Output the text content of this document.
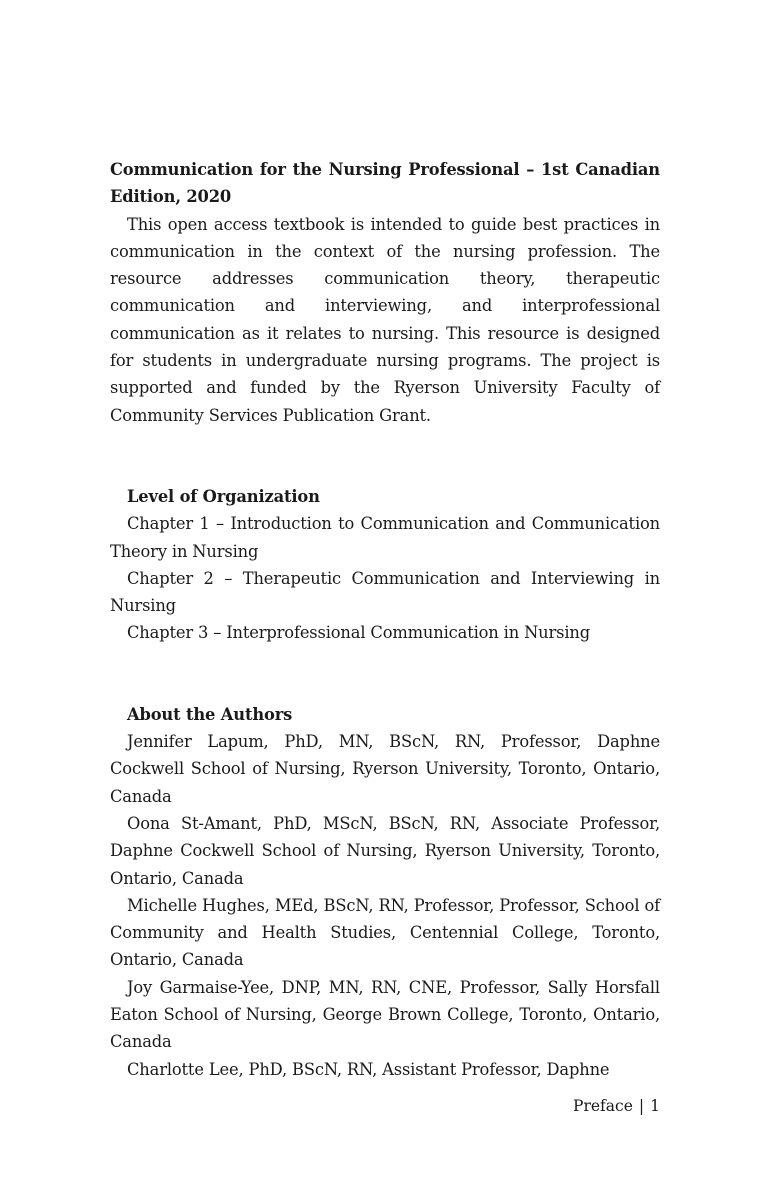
Communication for the Nursing Professional – 1st Canadian Edition, 2020

This open access textbook is intended to guide best practices in communication in the context of the nursing profession. The resource addresses communication theory, therapeutic communication and interviewing, and interprofessional communication as it relates to nursing. This resource is designed for students in undergraduate nursing programs. The project is supported and funded by the Ryerson University Faculty of Community Services Publication Grant.

Level of Organization

Chapter 1 – Introduction to Communication and Communication Theory in Nursing

Chapter 2 – Therapeutic Communication and Interviewing in Nursing

Chapter 3 – Interprofessional Communication in Nursing

About the Authors

Jennifer Lapum, PhD, MN, BScN, RN, Professor, Daphne Cockwell School of Nursing, Ryerson University, Toronto, Ontario, Canada

Oona St-Amant, PhD, MScN, BScN, RN, Associate Professor, Daphne Cockwell School of Nursing, Ryerson University, Toronto, Ontario, Canada

Michelle Hughes, MEd, BScN, RN, Professor, Professor, School of Community and Health Studies, Centennial College, Toronto, Ontario, Canada

Joy Garmaise-Yee, DNP, MN, RN, CNE, Professor, Sally Horsfall Eaton School of Nursing, George Brown College, Toronto, Ontario, Canada

Charlotte Lee, PhD, BScN, RN, Assistant Professor, Daphne

Preface | 1
